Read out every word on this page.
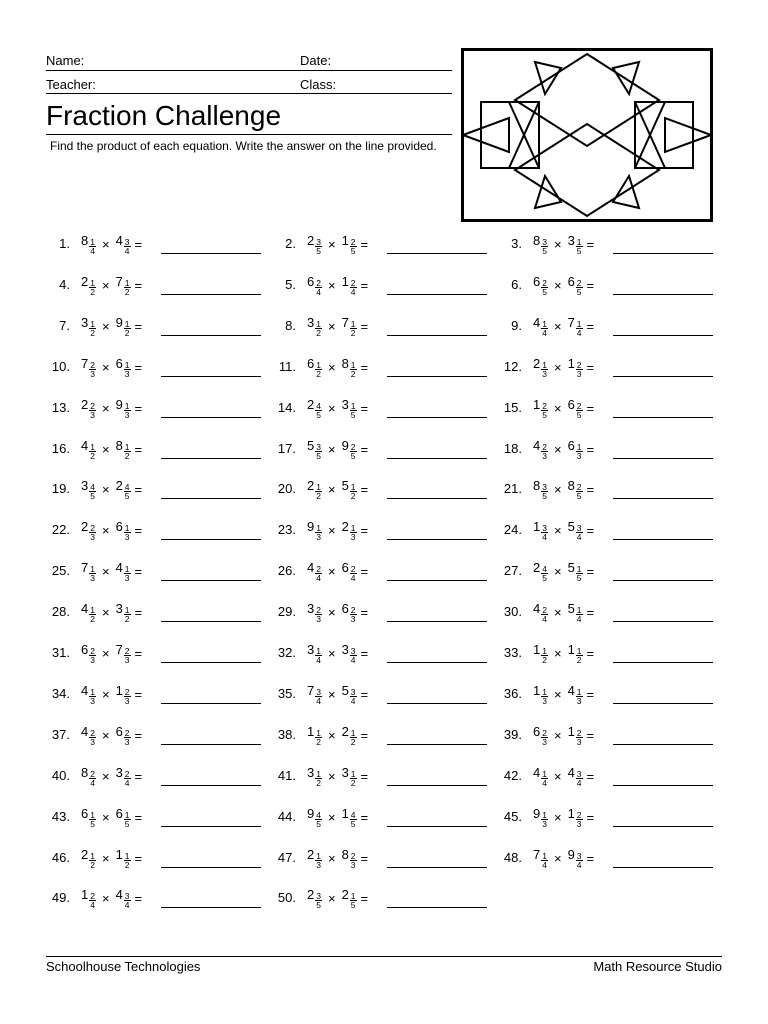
Name:	Date:
Teacher:	Class:
Fraction Challenge
Find the product of each equation. Write the answer on the line provided.
1. $8 \frac{1}{4} \times 4 \frac{3}{4}$ =	2. $2 \frac{3}{5} \times 1 \frac{2}{5}$ =	3. $8 \frac{3}{5} \times 3 \frac{1}{5}$ =
4. $2 \frac{1}{2} \times 7 \frac{1}{2}$ =	5. $6 \frac{2}{4} \times 1 \frac{2}{4}$ =	6. $6 \frac{2}{5} \times 6 \frac{2}{5}$ =
7. $3 \frac{1}{2} \times 9 \frac{1}{2}$ =	8. $3 \frac{1}{2} \times 7 \frac{1}{2}$ =	9. $4 \frac{1}{4} \times 7 \frac{1}{4}$ =
10. $7 \frac{2}{3} \times 6 \frac{1}{3}$ =	11. $6 \frac{1}{2} \times 8 \frac{1}{2}$ =	12. $2 \frac{1}{3} \times 1 \frac{2}{3}$ =
13. $2 \frac{2}{3} \times 9 \frac{1}{3}$ =	14. $2 \frac{4}{5} \times 3 \frac{1}{5}$ =	15. $1 \frac{2}{5} \times 6 \frac{2}{5}$ =
16. $4 \frac{1}{2} \times 8 \frac{1}{2}$ =	17. $5 \frac{3}{5} \times 9 \frac{2}{5}$ =	18. $4 \frac{2}{3} \times 6 \frac{1}{3}$ =
19. $3 \frac{4}{5} \times 2 \frac{4}{5}$ =	20. $2 \frac{1}{2} \times 5 \frac{1}{2}$ =	21. $8 \frac{3}{5} \times 8 \frac{2}{5}$ =
22. $2 \frac{2}{3} \times 6 \frac{1}{3}$ =	23. $9 \frac{1}{3} \times 2 \frac{1}{3}$ =	24. $1 \frac{3}{4} \times 5 \frac{3}{4}$ =
25. $7 \frac{1}{3} \times 4 \frac{1}{3}$ =	26. $4 \frac{2}{4} \times 6 \frac{2}{4}$ =	27. $2 \frac{4}{5} \times 5 \frac{1}{5}$ =
28. $4 \frac{1}{2} \times 3 \frac{1}{2}$ =	29. $3 \frac{2}{3} \times 6 \frac{2}{3}$ =	30. $4 \frac{2}{4} \times 5 \frac{1}{4}$ =
31. $6 \frac{2}{3} \times 7 \frac{2}{3}$ =	32. $3 \frac{1}{4} \times 3 \frac{3}{4}$ =	33. $1 \frac{1}{2} \times 1 \frac{1}{2}$ =
34. $4 \frac{1}{3} \times 1 \frac{2}{3}$ =	35. $7 \frac{3}{4} \times 5 \frac{3}{4}$ =	36. $1 \frac{1}{3} \times 4 \frac{1}{3}$ =
37. $4 \frac{2}{3} \times 6 \frac{2}{3}$ =	38. $1 \frac{1}{2} \times 2 \frac{1}{2}$ =	39. $6 \frac{2}{3} \times 1 \frac{2}{3}$ =
40. $8 \frac{2}{4} \times 3 \frac{2}{4}$ =	41. $3 \frac{1}{2} \times 3 \frac{1}{2}$ =	42. $4 \frac{1}{4} \times 4 \frac{3}{4}$ =
43. $6 \frac{1}{5} \times 6 \frac{1}{5}$ =	44. $9 \frac{4}{5} \times 1 \frac{4}{5}$ =	45. $9 \frac{1}{3} \times 1 \frac{2}{3}$ =
46. $2 \frac{1}{2} \times 1 \frac{1}{2}$ =	47. $2 \frac{1}{3} \times 8 \frac{2}{3}$ =	48. $7 \frac{1}{4} \times 9 \frac{3}{4}$ =
49. $1 \frac{2}{4} \times 4 \frac{3}{4}$ =	50. $2 \frac{3}{5} \times 2 \frac{1}{5}$ =
Schoolhouse Technologies	Math Resource Studio
